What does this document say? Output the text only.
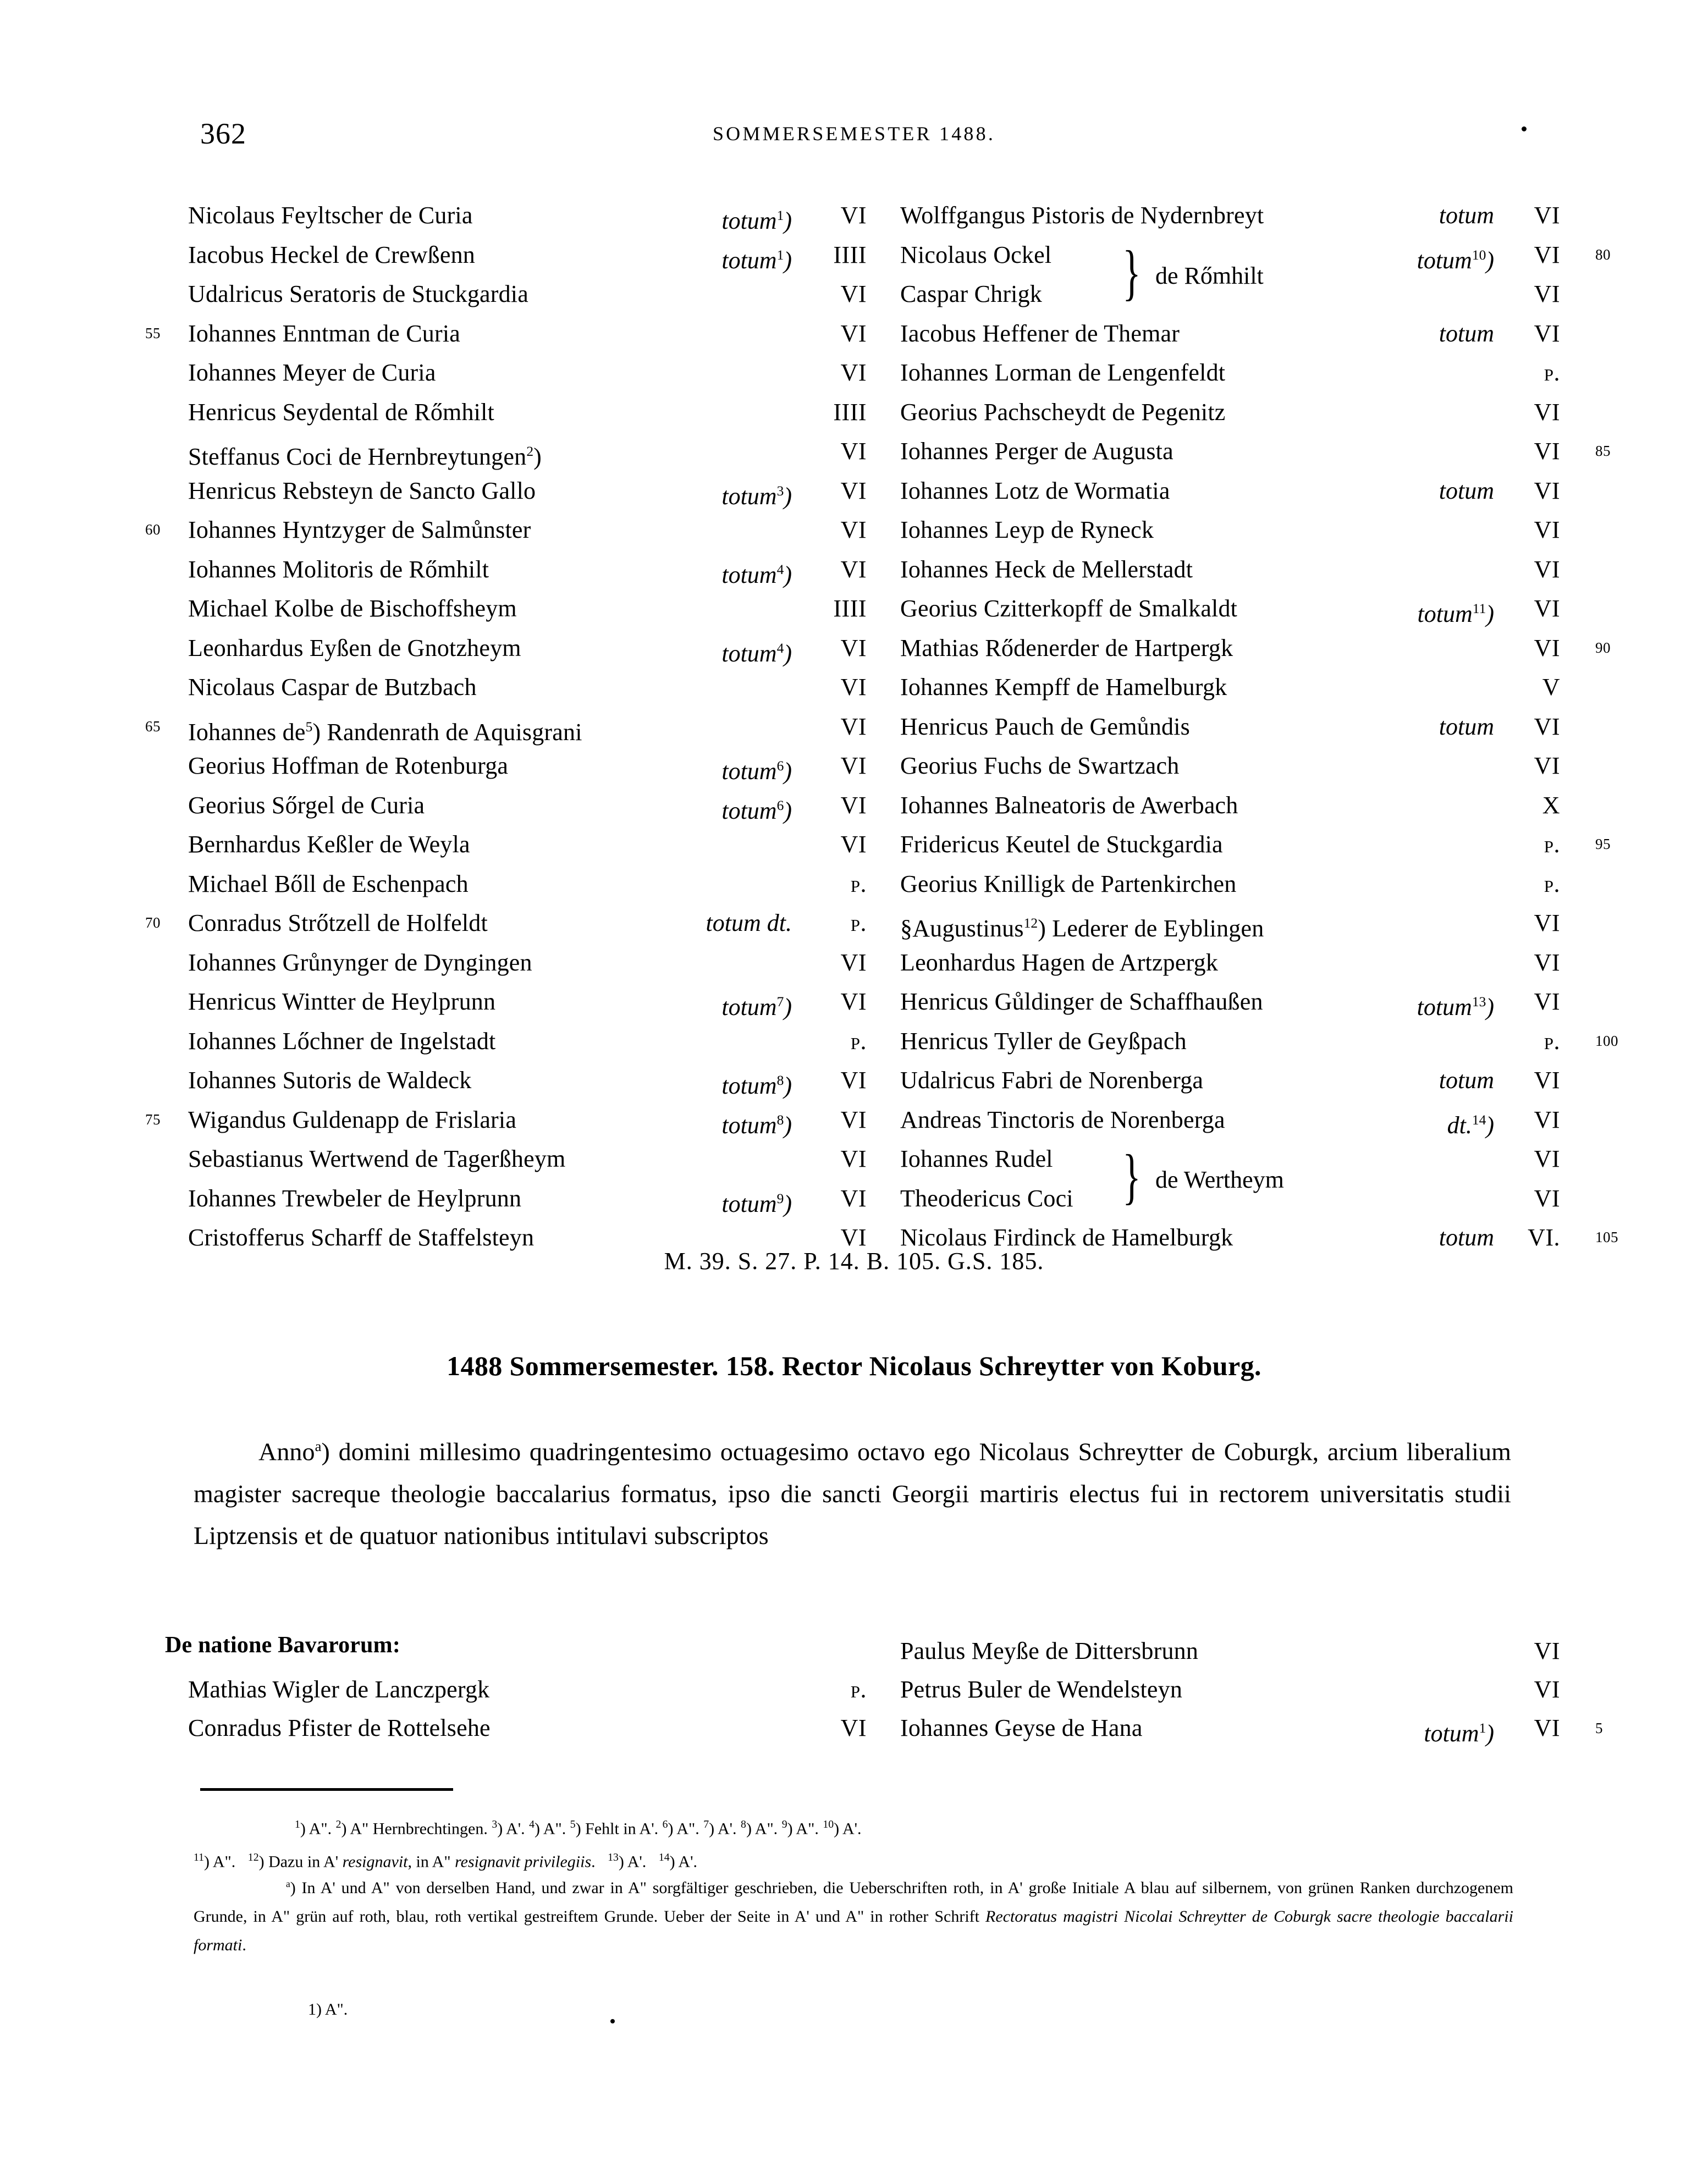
362	SOMMERSEMESTER 1488.
Nicolaus Feyltscher de Curia	totum$^1$)	VI
Iacobus Heckel de Crewßenn	totum$^1$)	IIII
Udalricus Seratoris de Stuckgardia	VI
55 Iohannes Enntman de Curia	VI
Iohannes Meyer de Curia	VI
Henricus Seydental de Rőmhilt	IIII
Steffanus Coci de Hernbreytungen$^2$)	VI
Henricus Rebsteyn de Sancto Gallo	totum$^3$)	VI
60 Iohannes Hyntzyger de Salmůnster	VI
Iohannes Molitoris de Rőmhilt	totum$^4$)	VI
Michael Kolbe de Bischoffsheym	IIII
Leonhardus Eyßen de Gnotzheym	totum$^4$)	VI
Nicolaus Caspar de Butzbach	VI
65 Iohannes $de^5$) Randenrath de Aquisgrani	VI
Georius Hoffman de Rotenburga	totum$^6$)	VI
Georius Sőrgel de Curia	totum$^6$)	VI
Bernhardus Keßler de Weyla	VI
Michael Bőll de Eschenpach	p.
70 Conradus Strőtzell de Holfeldt	totum dt.	p.
Iohannes Grůnynger de Dyngingen	VI
Henricus Wintter de Heylprunn	totum$^7$)	VI
Iohannes Lőchner de Ingelstadt	p.
Iohannes Sutoris de Waldeck	totum$^8$)	VI
75 Wigandus Guldenapp de Frislaria	totum$^8$)	VI
Sebastianus Wertwend de Tagerßheym	VI
Iohannes Trewbeler de Heylprunn	totum$^9$)	VI
Cristofferus Scharff de Staffelsteyn	VI
Wolffgangus Pistoris de Nydernbreyt	totum	VI
80
Nicolaus Ockel	totum$^{10}$)	VI
Caspar Chrigk	VI
} de Rőmhilt
Iacobus Heffener de Themar	totum	VI
Iohannes Lorman de Lengenfeldt	p.
Georius Pachscheydt de Pegenitz	VI
85
Iohannes Perger de Augusta	VI
Iohannes Lotz de Wormatia	totum	VI
Iohannes Leyp de Ryneck	VI
Iohannes Heck de Mellerstadt	VI
Georius Czitterkopff de Smalkaldt	totum$^{11}$)	VI
90
Mathias Rődenerder de Hartpergk	VI
Iohannes Kempff de Hamelburgk	V
Henricus Pauch de Gemůndis	totum	VI
Georius Fuchs de Swartzach	VI
Iohannes Balneatoris de Awerbach	X
95
Fridericus Keutel de Stuckgardia	p.
Georius Knilligk de Partenkirchen	p.
§Augustinus$^{12}$) Lederer de Eyblingen	VI
Leonhardus Hagen de Artzpergk	VI
Henricus Gůldinger de Schaffhaußen	totum$^{13}$)	VI
100
Henricus Tyller de Geyßpach	p.
Udalricus Fabri de Norenberga	totum	VI
Andreas Tinctoris de Norenberga	dt.$^{14}$)	VI
Iohannes Rudel	VI
Theodericus Coci	VI
} de Wertheym
105
Nicolaus Firdinck de Hamelburgk	totum	VI.
M. 39. S. 27. P. 14. B. 105. G.S. 185.
1488 Sommersemester. 158. Rector Nicolaus Schreytter von Koburg.
Anno$^a$) domini millesimo quadringentesimo octuagesimo octavo ego Nicolaus Schreytter de Coburgk, arcium liberalium magister sacreque theologie baccalarius formatus, ipso die sancti Georgii martiris electus fui in rectorem universitatis studii Liptzensis et de quatuor nationibus intitulavi subscriptos
De natione Bavarorum:
Mathias Wigler de Lanczpergk	p.
Conradus Pfister de Rottelsehe	VI
Paulus Meyße de Dittersbrunn	VI
Petrus Buler de Wendelsteyn	VI
5
Iohannes Geyse de Hana	totum$^1$)	VI
$^1$) A". $^2$) A" Hernbrechtingen. $^3$) A'. $^4$) A". $^5$) Fehlt in A'. $^6$) A". $^7$) A'. $^8$) A". $^9$) A". $^{10}$) A'.
$^{11}$) A".   $^{12}$) Dazu in A' resignavit, in A" resignavit privilegiis.   $^{13}$) A'.   $^{14}$) A'.
$^a$) In A' und A" von derselben Hand, und zwar in A" sorgfältiger geschrieben, die Ueberschriften roth, in A' große Initiale A blau auf silbernem, von grünen Ranken durchzogenem Grunde, in A" grün auf roth, blau, roth vertikal gestreiftem Grunde. Ueber der Seite in A' und A" in rother Schrift Rectoratus magistri Nicolai Schreytter de Coburgk sacre theologie baccalarii formati.
1) A".
